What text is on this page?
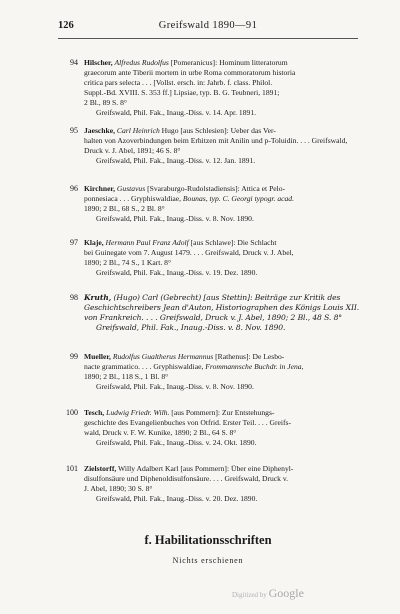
126	Greifswald 1890—91
94 Hilscher, Alfredus Rudolfus [Pomeranicus]: Hominum litteratorum

graecorum ante Tiberii mortem in urbe Roma commoratorum historia

critica pars selecta . . . [Vollst. ersch. in: Jahrb. f. class. Philol.

Suppl.-Bd. XVIII. S. 353 ff.] Lipsiae, typ. B. G. Teubneri, 1891;

2 Bl., 89 S. 8°

Greifswald, Phil. Fak., Inaug.-Diss. v. 14. Apr. 1891.

95 Jaeschke, Carl Heinrich Hugo [aus Schlesien]: Ueber das Ver-

halten von Azoverbindungen beim Erhitzen mit Anilin und p-Toluidin. . . . Greifswald, Druck v. J. Abel, 1891; 46 S. 8°

Greifswald, Phil. Fak., Inaug.-Diss. v. 12. Jan. 1891.

96 Kirchner, Gustavus [Svaraburgo-Rudolstadiensis]: Attica et Pelo-

ponnesiaca . . . Gryphiswaldiae, Bounas, typ. C. Georgi typogr. acad.

1890; 2 Bl., 68 S., 2 Bl. 8°

Greifswald, Phil. Fak., Inaug.-Diss. v. 8. Nov. 1890.

97 Klaje, Hermann Paul Franz Adolf [aus Schlawe]: Die Schlacht

bei Guinegate vom 7. August 1479. . . . Greifswald, Druck v. J. Abel,

1890; 2 Bl., 74 S., 1 Kart. 8°

Greifswald, Phil. Fak., Inaug.-Diss. v. 19. Dez. 1890.

98 Kruth, (Hugo) Carl (Gebrecht) [aus Stettin]: Beiträge zur Kritik des

Geschichtschreibers Jean d'Auton, Historiographen des Königs Louis XII.

von Frankreich. . . . Greifswald, Druck v. J. Abel, 1890; 2 Bl., 48 S. 8°

Greifswald, Phil. Fak., Inaug.-Diss. v. 8. Nov. 1890.

99 Mueller, Rudolfus Gualtherus Hermannus [Rathenus]: De Lesbo-

nacte grammatico. . . . Gryphiswaldiae, Frommannsche Buchdr. in Jena,

1890; 2 Bl., 118 S., 1 Bl. 8°

Greifswald, Phil. Fak., Inaug.-Diss. v. 8. Nov. 1890.

100 Tesch, Ludwig Friedr. Wilh. [aus Pommern]: Zur Entstehungs-

geschichte des Evangelienbuches von Otfrid. Erster Teil. . . . Greifs-

wald, Druck v. F. W. Kunike, 1890; 2 Bl., 64 S. 8°

Greifswald, Phil. Fak., Inaug.-Diss. v. 24. Okt. 1890.

101 Zielstorff, Willy Adalbert Karl [aus Pommern]: Über eine Diphenyl-

disulfonsäure und Diphenoldisulfonsäure. . . . Greifswald, Druck v.

J. Abel, 1890; 30 S. 8°

Greifswald, Phil. Fak., Inaug.-Diss. v. 20. Dez. 1890.

f. Habilitationsschriften
Nichts erschienen
Digitized by Google
